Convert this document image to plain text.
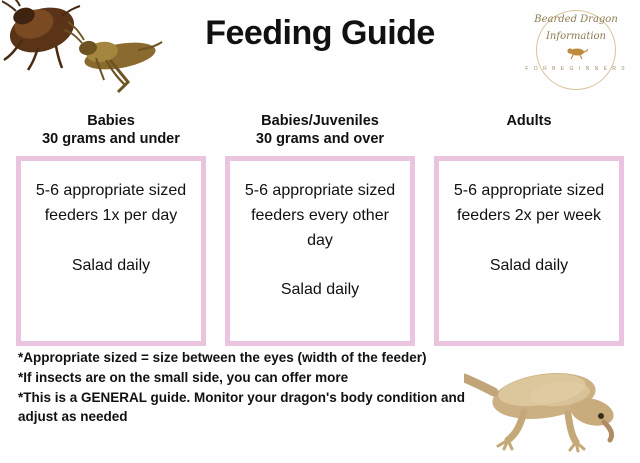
Feeding Guide	Bearded Dragon
Information
F O R B E G I N N E R S
Babies
30 grams and under
5-6 appropriate sized feeders 1x per day
Salad daily
Babies/Juveniles
30 grams and over
5-6 appropriate sized feeders every other day
Salad daily
Adults
5-6 appropriate sized feeders 2x per week
Salad daily
*Appropriate sized = size between the eyes (width of the feeder)
*If insects are on the small side, you can offer more
*This is a GENERAL guide. Monitor your dragon's body condition and adjust as needed
